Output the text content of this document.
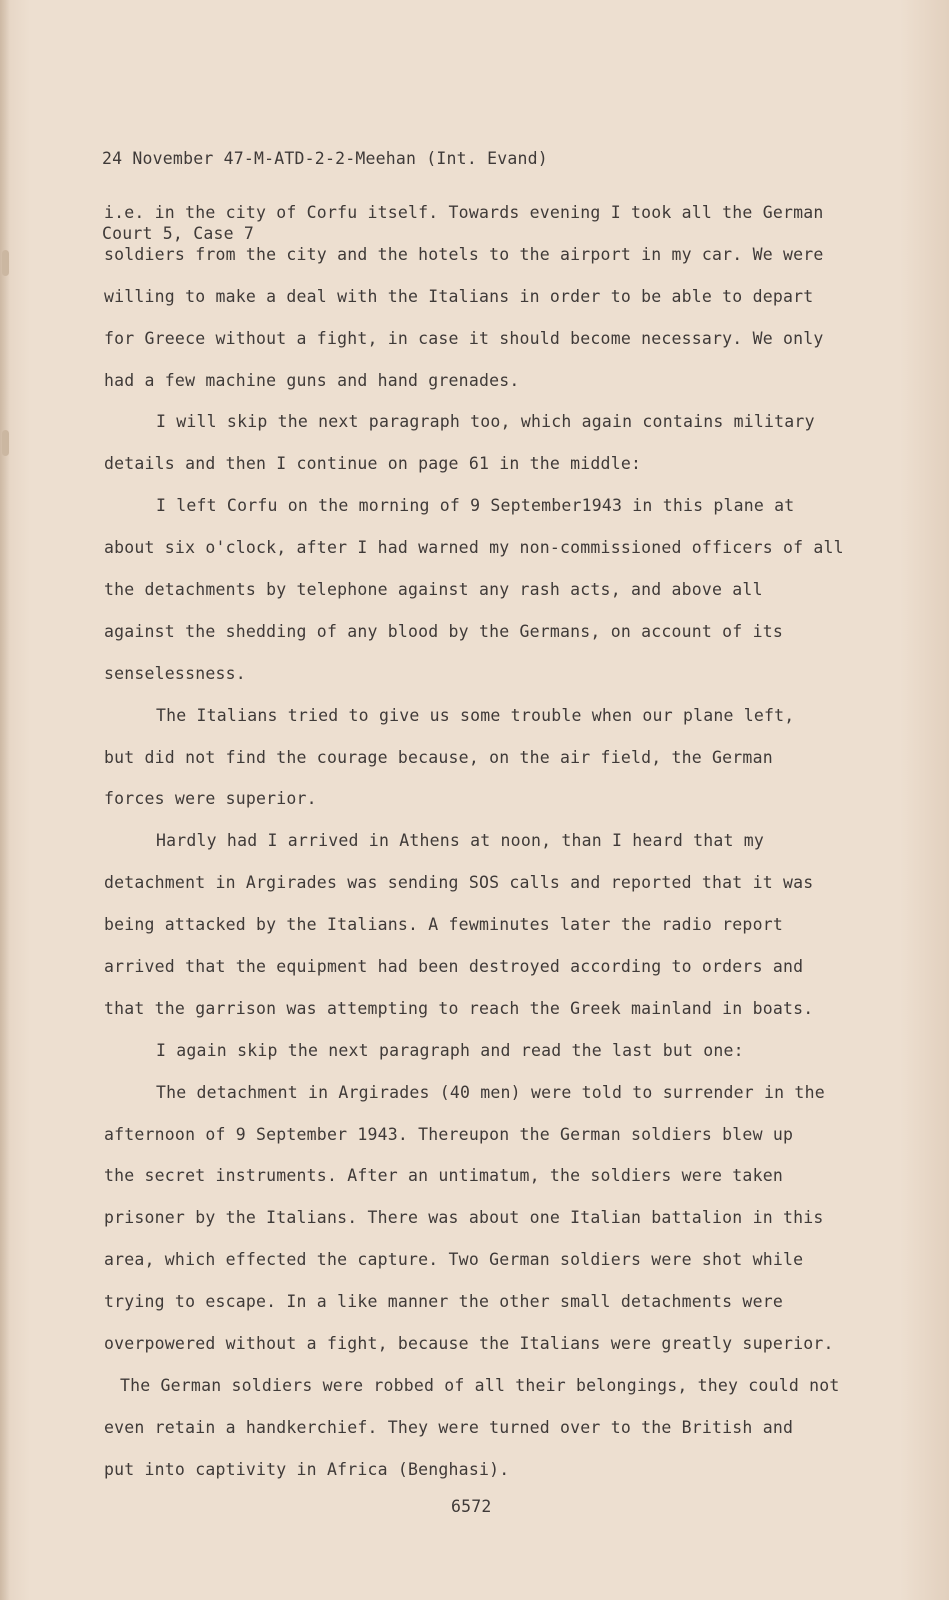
24 November 47-M-ATD-2-2-Meehan (Int. Evand)

Court 5, Case 7

i.e. in the city of Corfu itself. Towards evening I took all the German
soldiers from the city and the hotels to the airport in my car. We were
willing to make a deal with the Italians in order to be able to depart
for Greece without a fight, in case it should become necessary. We only
had a few machine guns and hand grenades.
I will skip the next paragraph too, which again contains military
details and then I continue on page 61 in the middle:
I left Corfu on the morning of 9 September1943 in this plane at
about six o'clock, after I had warned my non-commissioned officers of all
the detachments by telephone against any rash acts, and above all
against the shedding of any blood by the Germans, on account of its
senselessness.
The Italians tried to give us some trouble when our plane left,
but did not find the courage because, on the air field, the German
forces were superior.
Hardly had I arrived in Athens at noon, than I heard that my
detachment in Argirades was sending SOS calls and reported that it was
being attacked by the Italians. A fewminutes later the radio report
arrived that the equipment had been destroyed according to orders and
that the garrison was attempting to reach the Greek mainland in boats.
I again skip the next paragraph and read the last but one:
The detachment in Argirades (40 men) were told to surrender in the
afternoon of 9 September 1943. Thereupon the German soldiers blew up
the secret instruments. After an untimatum, the soldiers were taken
prisoner by the Italians. There was about one Italian battalion in this
area, which effected the capture. Two German soldiers were shot while
trying to escape. In a like manner the other small detachments were
overpowered without a fight, because the Italians were greatly superior.
The German soldiers were robbed of all their belongings, they could not
even retain a handkerchief. They were turned over to the British and
put into captivity in Africa (Benghasi).
6572
